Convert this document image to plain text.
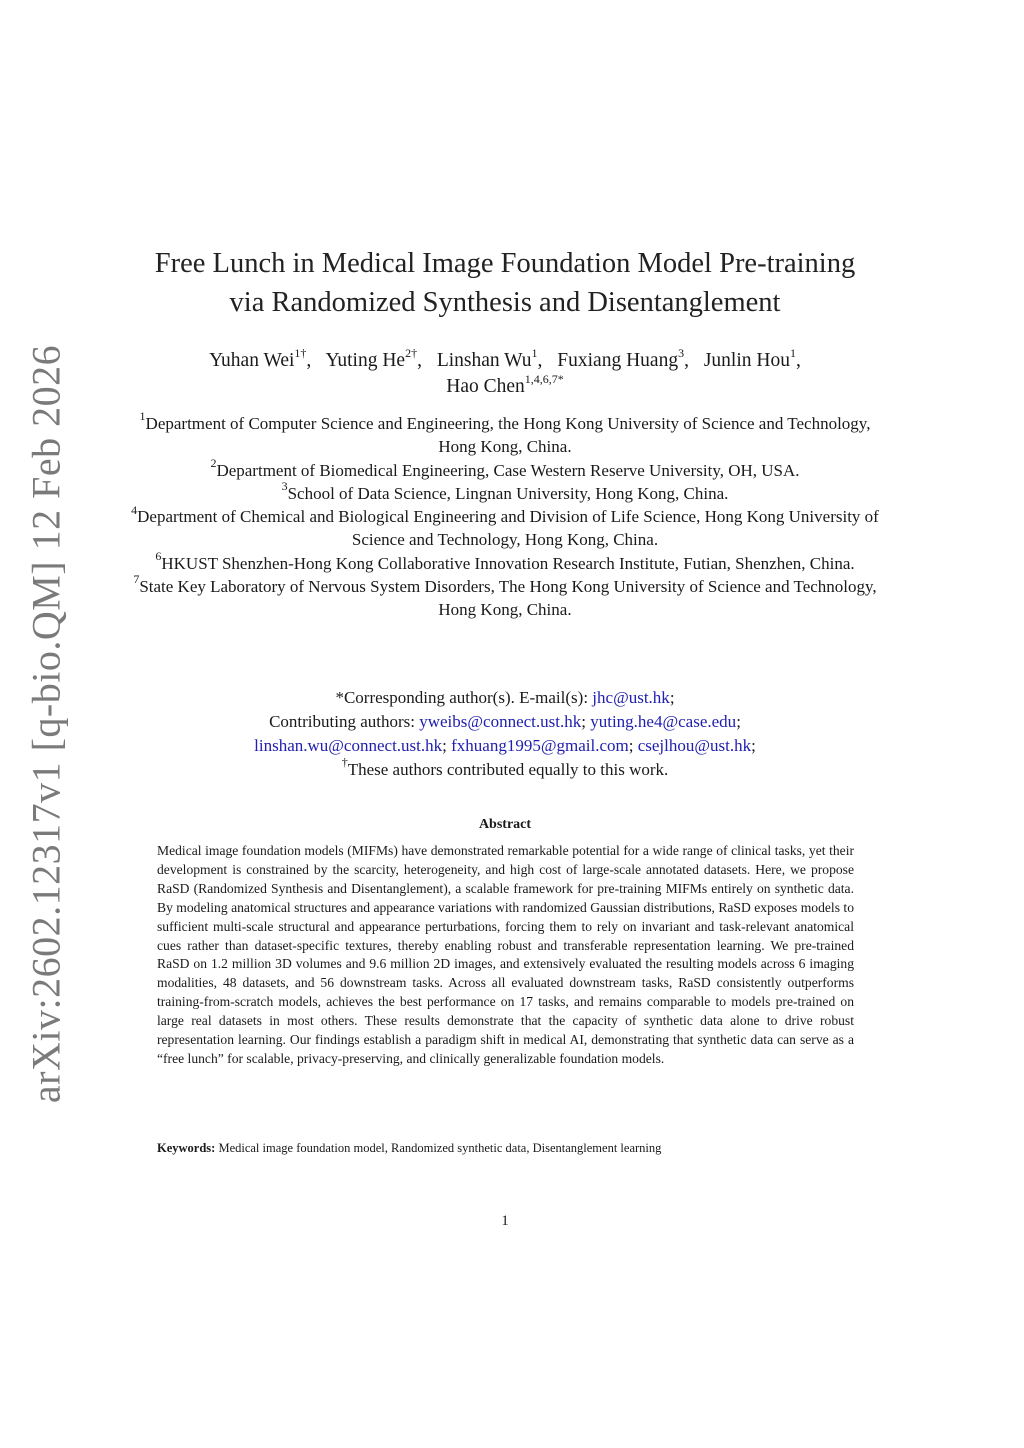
arXiv:2602.12317v1 [q-bio.QM] 12 Feb 2026
Free Lunch in Medical Image Foundation Model Pre-training
via Randomized Synthesis and Disentanglement
Yuhan Wei$^{1\dagger}$, Yuting $He^{2\dagger}$, Linshan Wu$^1$, Fuxiang Huang$^3$, Junlin Hou$^1$,
Hao Chen$^{1,4,6,7*}$
$^1$Department of Computer Science and Engineering, the Hong Kong University of Science and Technology, Hong Kong, China.
$^2$Department of Biomedical Engineering, Case Western Reserve University, OH, USA.
$^3$School of Data Science, Lingnan University, Hong Kong, China.
$^4$Department of Chemical and Biological Engineering and Division of Life Science, Hong Kong University of Science and Technology, Hong Kong, China.
$^6$HKUST Shenzhen-Hong Kong Collaborative Innovation Research Institute, Futian, Shenzhen, China.
$^7$State Key Laboratory of Nervous System Disorders, The Hong Kong University of Science and Technology, Hong Kong, China.
*Corresponding author(s). E-mail(s): jhc@ust.hk;
Contributing authors: yweibs@connect.ust.hk; yuting.he4@case.edu;
linshan.wu@connect.ust.hk; fxhuang1995@gmail.com; csejlhou@ust.hk;
†These authors contributed equally to this work.
Abstract
Medical image foundation models (MIFMs) have demonstrated remarkable potential for a wide range of clinical tasks, yet their development is constrained by the scarcity, heterogeneity, and high cost of large-scale annotated datasets. Here, we propose RaSD (Randomized Synthesis and Disentanglement), a scalable framework for pre-training MIFMs entirely on synthetic data. By modeling anatomical structures and appearance variations with randomized Gaussian distributions, RaSD exposes models to sufficient multi-scale structural and appearance perturbations, forcing them to rely on invariant and task-relevant anatomical cues rather than dataset-specific textures, thereby enabling robust and transferable representation learning. We pre-trained RaSD on 1.2 million 3D volumes and 9.6 million 2D images, and extensively evaluated the resulting models across 6 imaging modalities, 48 datasets, and 56 downstream tasks. Across all evaluated downstream tasks, RaSD consistently outperforms training-from-scratch models, achieves the best performance on 17 tasks, and remains comparable to models pre-trained on large real datasets in most others. These results demonstrate that the capacity of synthetic data alone to drive robust representation learning. Our findings establish a paradigm shift in medical AI, demonstrating that synthetic data can serve as a “free lunch” for scalable, privacy-preserving, and clinically generalizable foundation models.
Keywords: Medical image foundation model, Randomized synthetic data, Disentanglement learning
1
